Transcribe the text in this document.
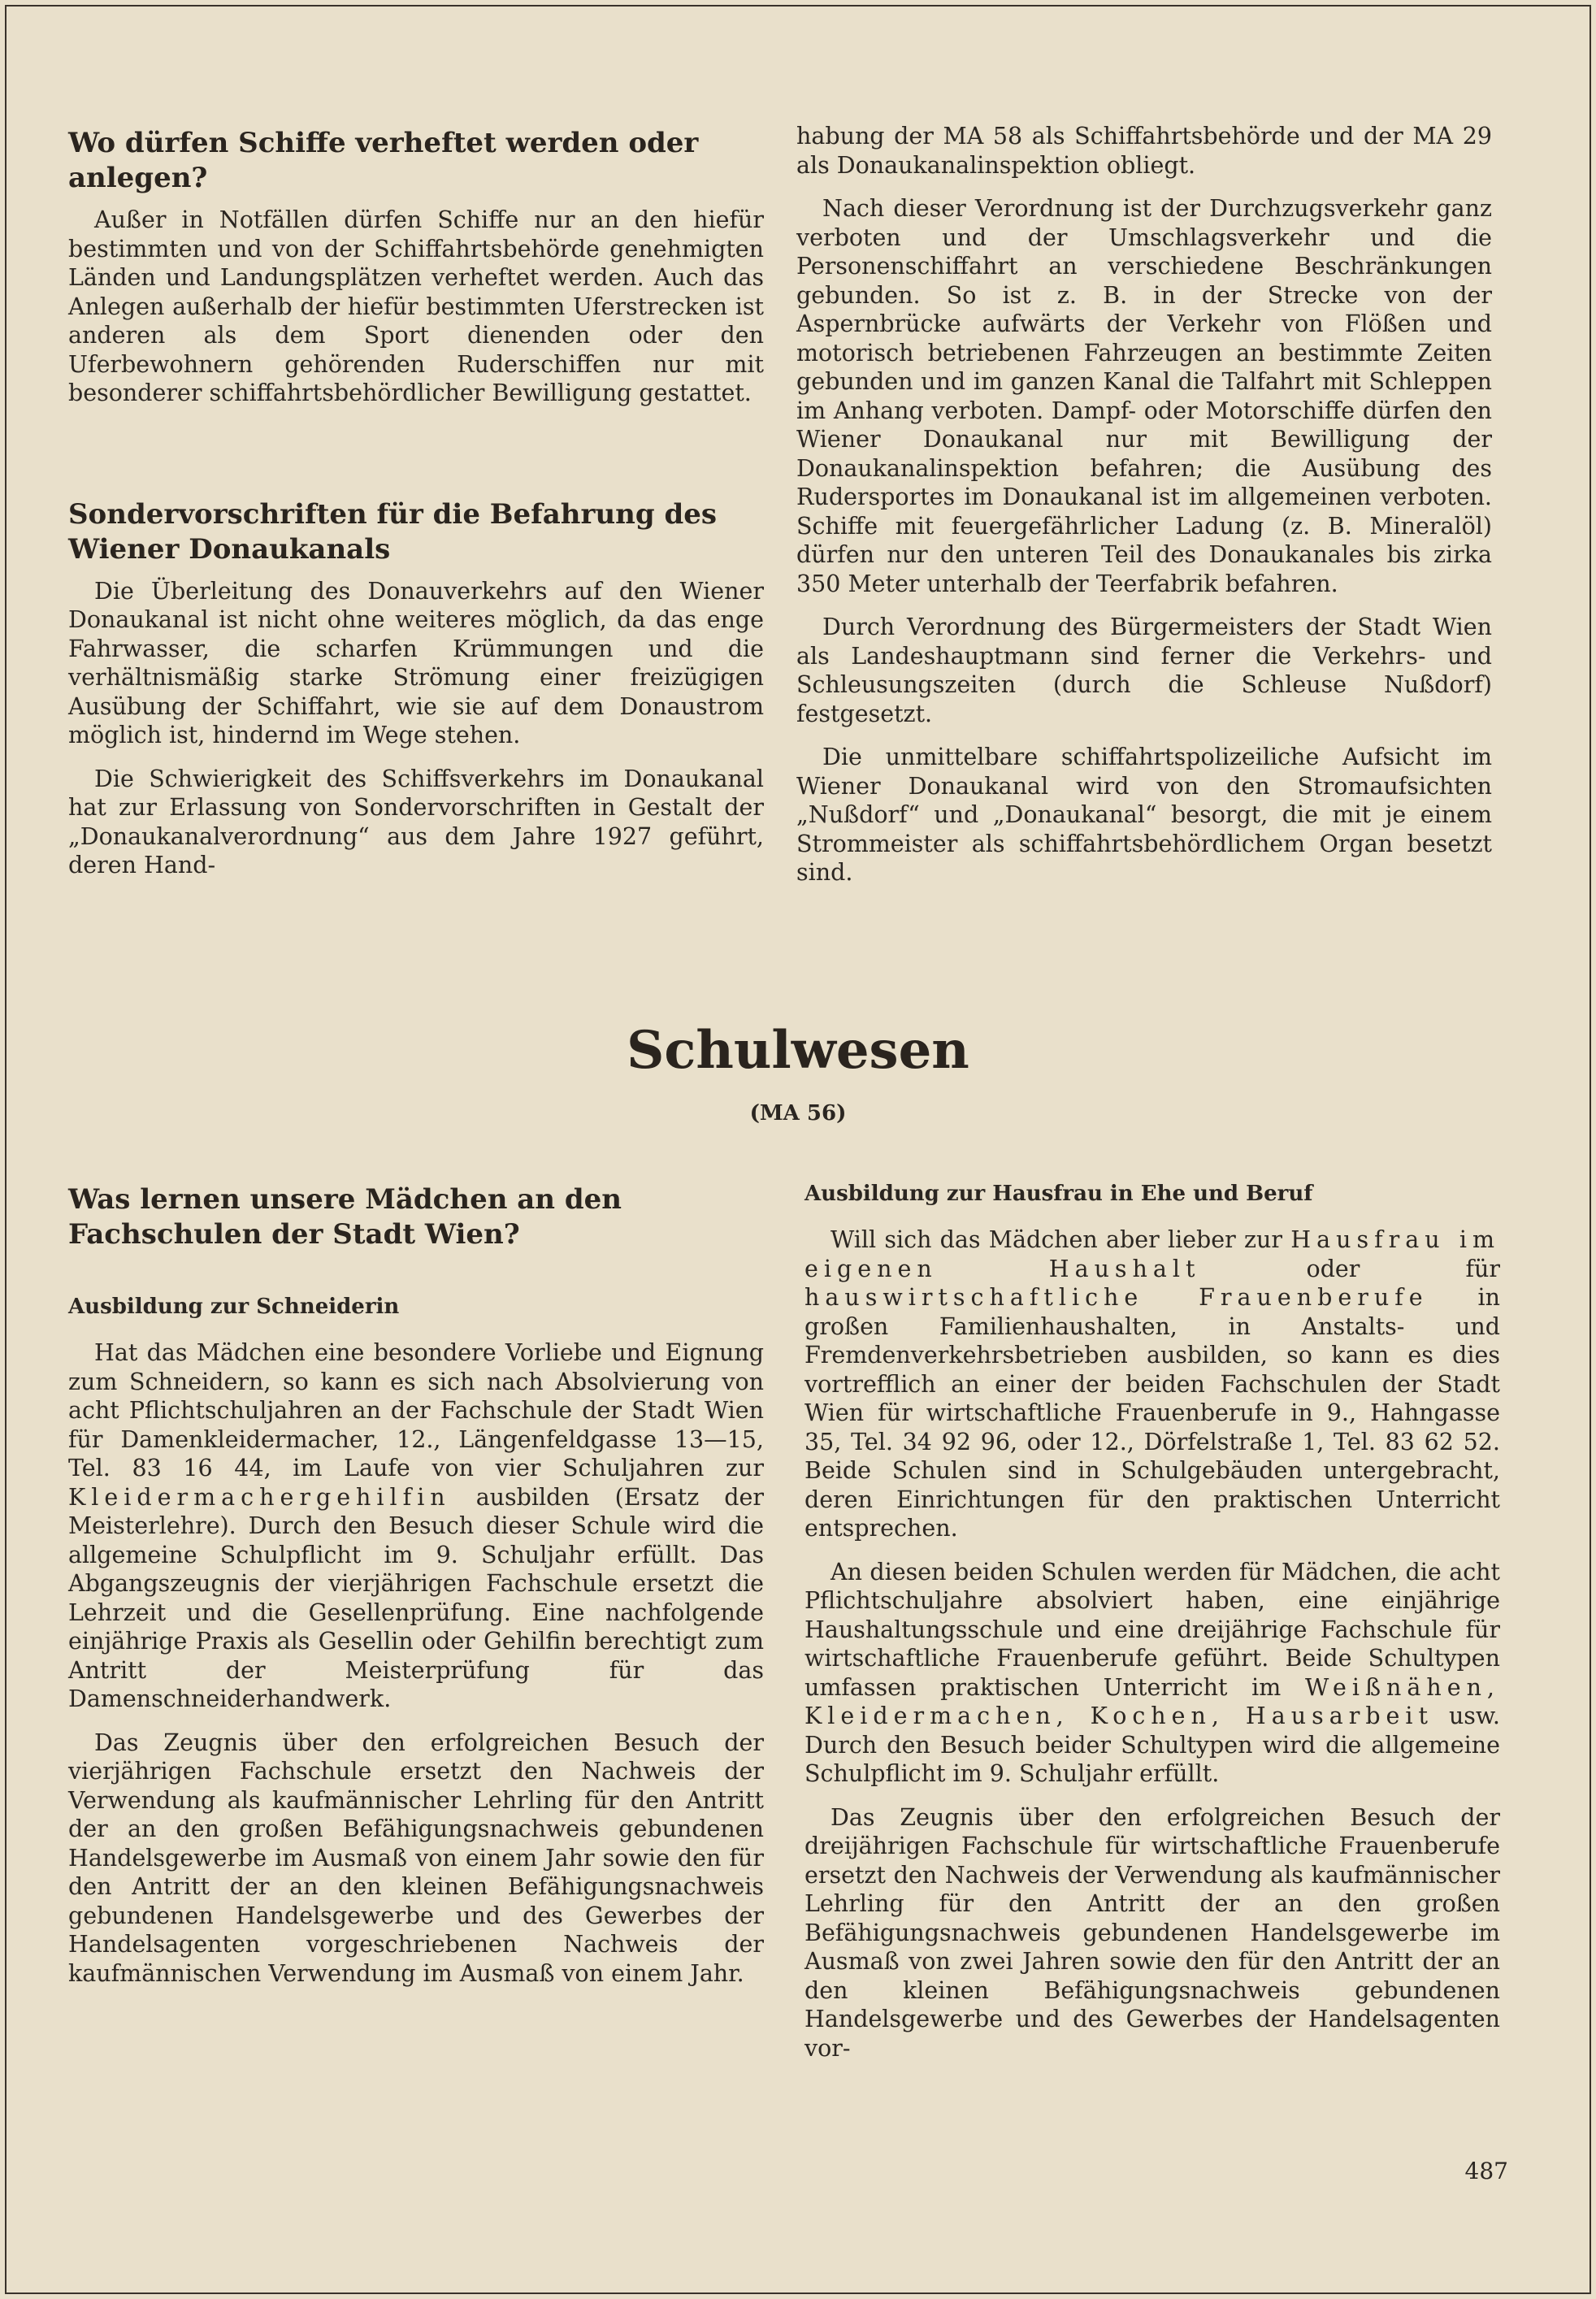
Wo dürfen Schiffe verheftet werden oder anlegen?

Außer in Notfällen dürfen Schiffe nur an den hiefür bestimmten und von der Schiffahrtsbehörde genehmigten Länden und Landungsplätzen verheftet werden. Auch das Anlegen außerhalb der hiefür bestimmten Uferstrecken ist anderen als dem Sport dienenden oder den Uferbewohnern gehörenden Ruderschiffen nur mit besonderer schiffahrtsbehördlicher Bewilligung gestattet.

Sondervorschriften für die Befahrung des Wiener Donaukanals

Die Überleitung des Donauverkehrs auf den Wiener Donaukanal ist nicht ohne weiteres möglich, da das enge Fahrwasser, die scharfen Krümmungen und die verhältnismäßig starke Strömung einer freizügigen Ausübung der Schiffahrt, wie sie auf dem Donaustrom möglich ist, hindernd im Wege stehen.

Die Schwierigkeit des Schiffsverkehrs im Donaukanal hat zur Erlassung von Sondervorschriften in Gestalt der „Donaukanalverordnung“ aus dem Jahre 1927 geführt, deren Hand-

habung der MA 58 als Schiffahrtsbehörde und der MA 29 als Donaukanalinspektion obliegt.

Nach dieser Verordnung ist der Durchzugsverkehr ganz verboten und der Umschlagsverkehr und die Personenschiffahrt an verschiedene Beschränkungen gebunden. So ist z. B. in der Strecke von der Aspernbrücke aufwärts der Verkehr von Flößen und motorisch betriebenen Fahrzeugen an bestimmte Zeiten gebunden und im ganzen Kanal die Talfahrt mit Schleppen im Anhang verboten. Dampf- oder Motorschiffe dürfen den Wiener Donaukanal nur mit Bewilligung der Donaukanalinspektion befahren; die Ausübung des Rudersportes im Donaukanal ist im allgemeinen verboten. Schiffe mit feuergefährlicher Ladung (z. B. Mineralöl) dürfen nur den unteren Teil des Donaukanales bis zirka 350 Meter unterhalb der Teerfabrik befahren.

Durch Verordnung des Bürgermeisters der Stadt Wien als Landeshauptmann sind ferner die Verkehrs- und Schleusungszeiten (durch die Schleuse Nußdorf) festgesetzt.

Die unmittelbare schiffahrtspolizeiliche Aufsicht im Wiener Donaukanal wird von den Stromaufsichten „Nußdorf“ und „Donaukanal“ besorgt, die mit je einem Strommeister als schiffahrtsbehördlichem Organ besetzt sind.

Schulwesen
(MA 56)
Was lernen unsere Mädchen an den Fachschulen der Stadt Wien?
Ausbildung zur Schneiderin

Hat das Mädchen eine besondere Vorliebe und Eignung zum Schneidern, so kann es sich nach Absolvierung von acht Pflichtschuljahren an der Fachschule der Stadt Wien für Damenkleidermacher, 12., Längenfeldgasse 13—15, Tel. 83 16 44, im Laufe von vier Schuljahren zur Kleidermachergehilfin ausbilden (Ersatz der Meisterlehre). Durch den Besuch dieser Schule wird die allgemeine Schulpflicht im 9. Schuljahr erfüllt. Das Abgangszeugnis der vierjährigen Fachschule ersetzt die Lehrzeit und die Gesellenprüfung. Eine nachfolgende einjährige Praxis als Gesellin oder Gehilfin berechtigt zum Antritt der Meisterprüfung für das Damenschneiderhandwerk.

Das Zeugnis über den erfolgreichen Besuch der vierjährigen Fachschule ersetzt den Nachweis der Verwendung als kaufmännischer Lehrling für den Antritt der an den großen Befähigungsnachweis gebundenen Handelsgewerbe im Ausmaß von einem Jahr sowie den für den Antritt der an den kleinen Befähigungsnachweis gebundenen Handelsgewerbe und des Gewerbes der Handelsagenten vorgeschriebenen Nachweis der kaufmännischen Verwendung im Ausmaß von einem Jahr.

Ausbildung zur Hausfrau in Ehe und Beruf

Will sich das Mädchen aber lieber zur Hausfrau im eigenen Haushalt	oder für hauswirtschaftliche Frauenberufe in großen Familienhaushalten, in Anstalts- und Fremdenverkehrsbetrieben ausbilden, so kann es dies vortrefflich an einer der beiden Fachschulen der Stadt Wien für wirtschaftliche Frauenberufe in 9., Hahngasse 35, Tel. 34 92 96, oder 12., Dörfelstraße 1, Tel. 83 62 52. Beide Schulen sind in Schulgebäuden untergebracht, deren Einrichtungen für den praktischen Unterricht entsprechen.

An diesen beiden Schulen werden für Mädchen, die acht Pflichtschuljahre absolviert haben, eine einjährige Haushaltungsschule und eine dreijährige Fachschule für wirtschaftliche Frauenberufe geführt. Beide Schultypen umfassen praktischen Unterricht im Weißnähen, Kleidermachen, Kochen, Hausarbeit usw. Durch den Besuch beider Schultypen wird die allgemeine Schulpflicht im 9. Schuljahr erfüllt.

Das Zeugnis über den erfolgreichen Besuch der dreijährigen Fachschule für wirtschaftliche Frauenberufe ersetzt den Nachweis der Verwendung als kaufmännischer Lehrling für den Antritt der an den großen Befähigungsnachweis gebundenen Handelsgewerbe im Ausmaß von zwei Jahren sowie den für den Antritt der an den kleinen Befähigungsnachweis gebundenen Handelsgewerbe und des Gewerbes der Handelsagenten vor-

487
